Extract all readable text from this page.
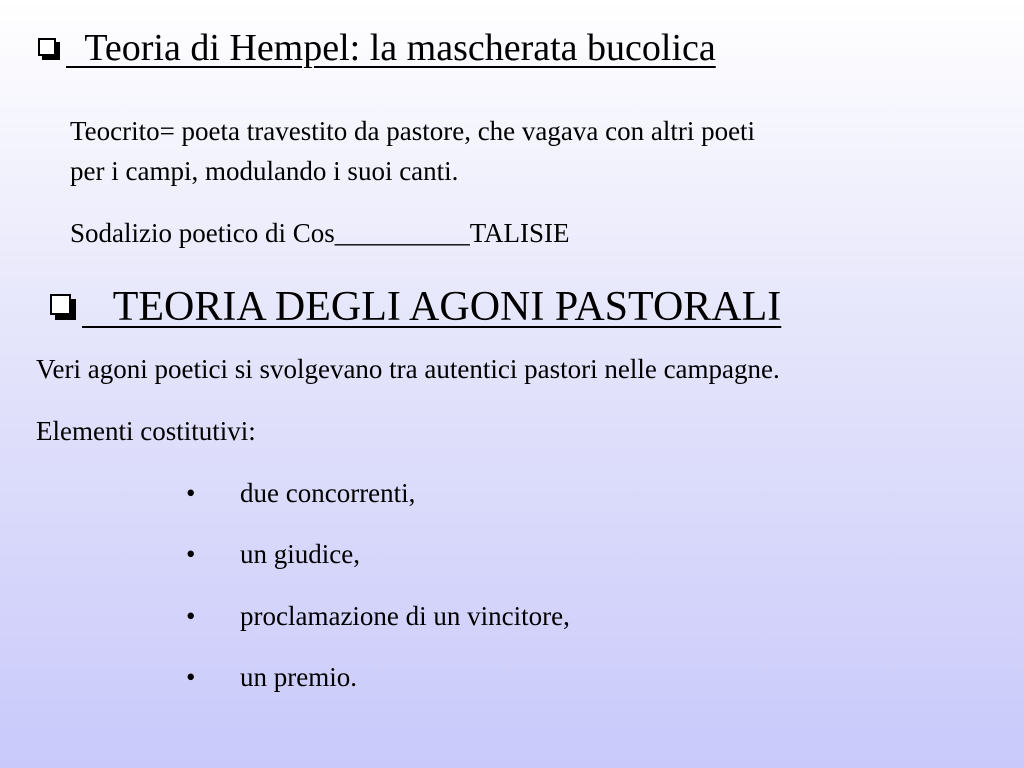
Teoria di Hempel: la mascherata bucolica
Teocrito= poeta travestito da pastore, che vagava con altri poeti
per i campi, modulando i suoi canti.
Sodalizio poetico di Cos__________TALISIE
TEORIA DEGLI AGONI PASTORALI
Veri agoni poetici si svolgevano tra autentici pastori nelle campagne.
Elementi costitutivi:
• due concorrenti,
• un giudice,
• proclamazione di un vincitore,
• un premio.
